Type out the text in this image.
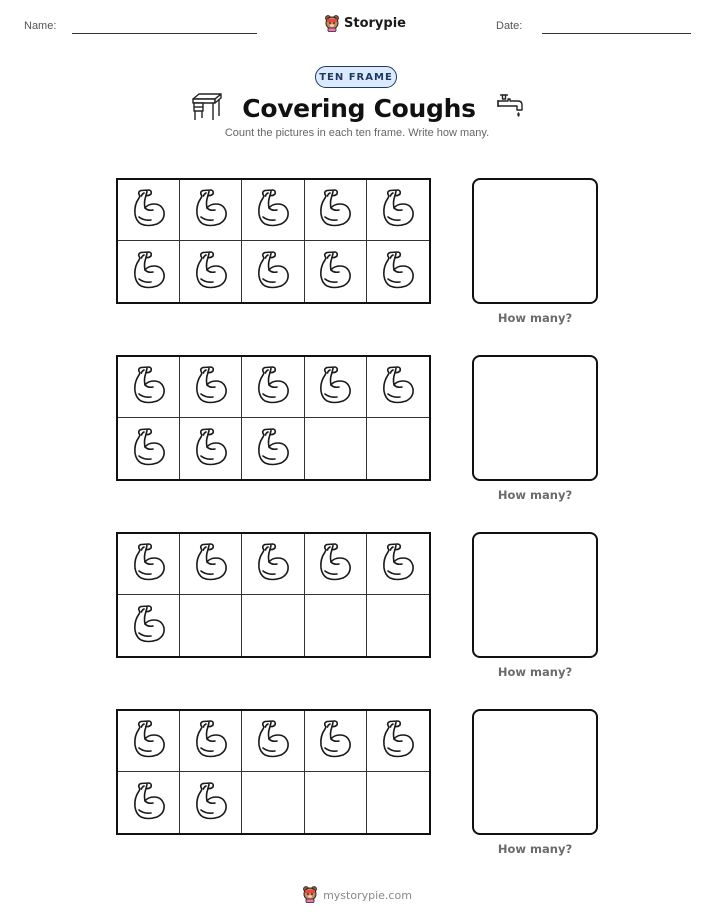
Name:	Storypie	Date:
TEN FRAME
Covering Coughs
Count the pictures in each ten frame. Write how many.
How many?
How many?
How many?
How many?
mystorypie.com
